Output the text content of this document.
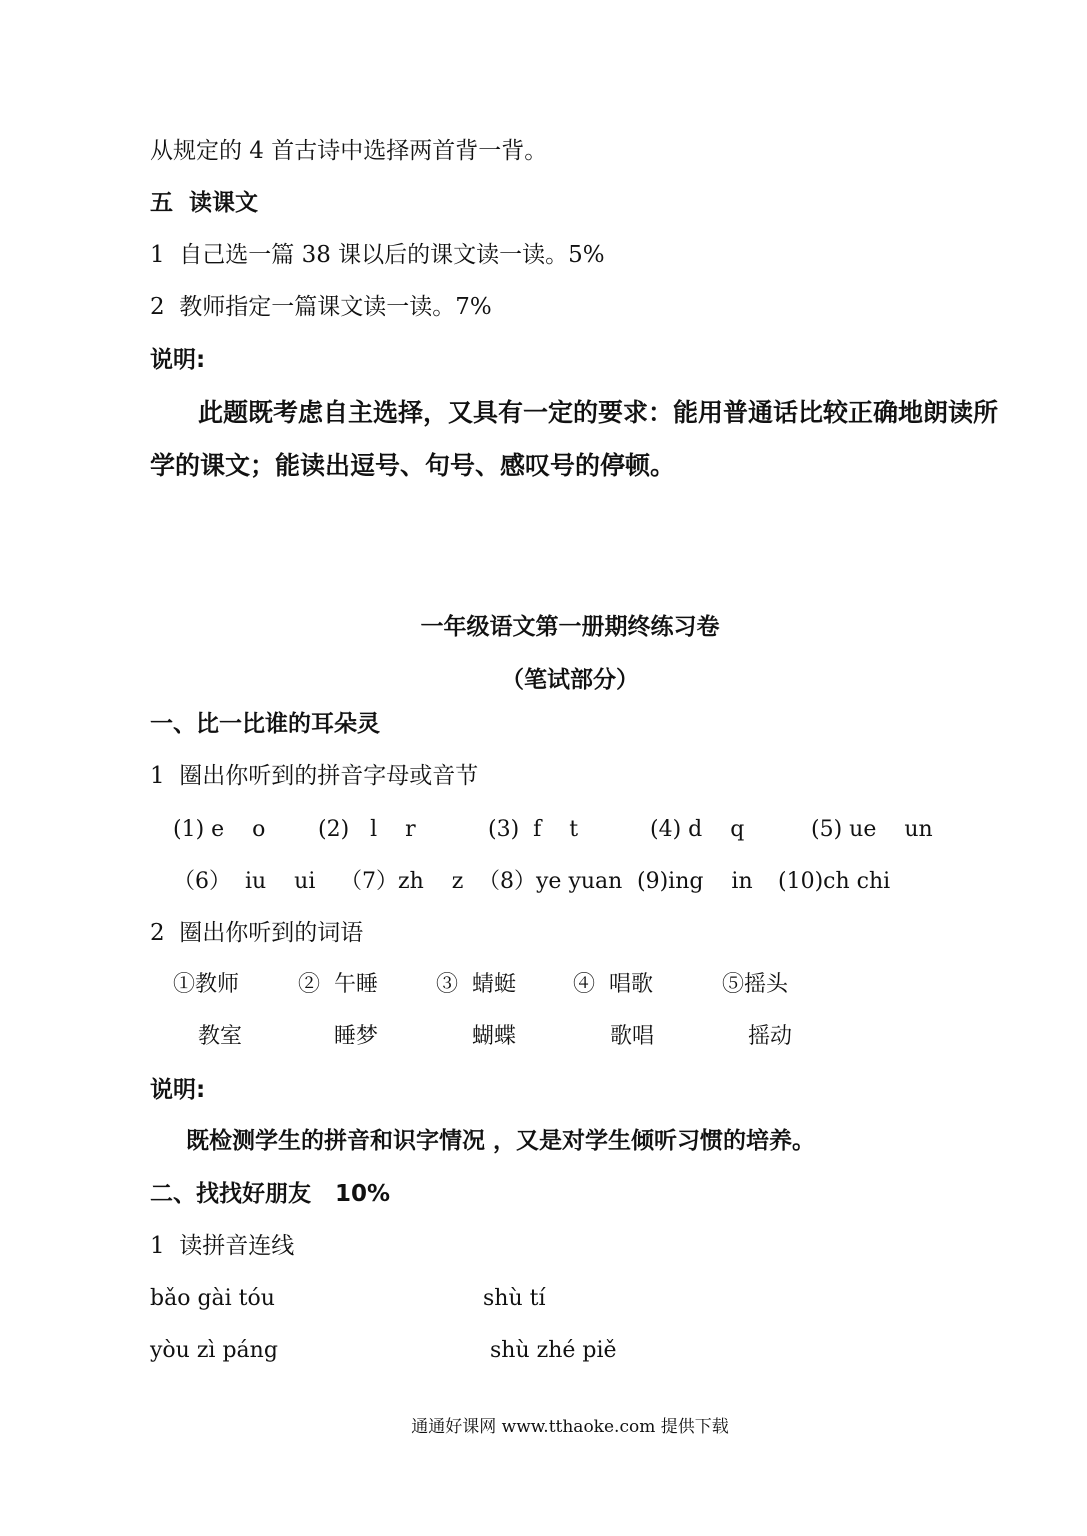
从规定的 4 首古诗中选择两首背一背。
五  读课文
1  自己选一篇 38 课以后的课文读一读。5%
2  教师指定一篇课文读一读。7%
说明:
此题既考虑自主选择，又具有一定的要求：能用普通话比较正确地朗读所
学的课文；能读出逗号、句号、感叹号的停顿。
一年级语文第一册期终练习卷
（笔试部分）
一、比一比谁的耳朵灵
1  圈出你听到的拼音字母或音节
(1) e    o (2)   l    r	(3)  f    t	(4) d    q	(5) ue    un
（6）  iu    ui （7）zh    z （8）ye yuan (9)ing    in (10)ch chi
2  圈出你听到的词语
①教师	②  午睡	③  蜻蜓	④  唱歌	⑤摇头
教室	睡梦	蝴蝶	歌唱	摇动
说明:
既检测学生的拼音和识字情况 ，又是对学生倾听习惯的培养。
二、找找好朋友 10%
1  读拼音连线
bǎo gài tóu	shù tí
yòu zì páng	shù zhé piě
通通好课网 www.tthaoke.com 提供下载
